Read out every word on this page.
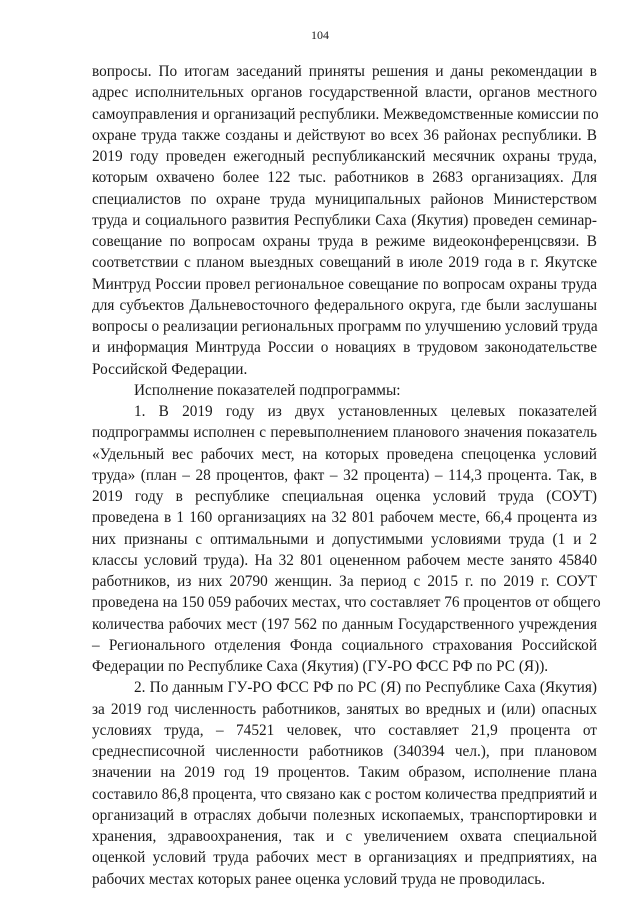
104
вопросы. По итогам заседаний приняты решения и даны рекомендации в
адрес исполнительных органов государственной власти, органов местного
самоуправления и организаций республики. Межведомственные комиссии по
охране труда также созданы и действуют во всех 36 районах республики. В
2019 году проведен ежегодный республиканский месячник охраны труда,
которым охвачено более 122 тыс. работников в 2683 организациях. Для
специалистов по охране труда муниципальных районов Министерством
труда и социального развития Республики Саха (Якутия) проведен семинар-
совещание по вопросам охраны труда в режиме видеоконференцсвязи. В
соответствии с планом выездных совещаний в июле 2019 года в г. Якутске
Минтруд России провел региональное совещание по вопросам охраны труда
для субъектов Дальневосточного федерального округа, где были заслушаны
вопросы о реализации региональных программ по улучшению условий труда
и информация Минтруда России о новациях в трудовом законодательстве
Российской Федерации.
Исполнение показателей подпрограммы:
1. В 2019 году из двух установленных целевых показателей
подпрограммы исполнен с перевыполнением планового значения показатель
«Удельный вес рабочих мест, на которых проведена спецоценка условий
труда» (план – 28 процентов, факт – 32 процента) – 114,3 процента. Так, в
2019 году в республике специальная оценка условий труда (СОУТ)
проведена в 1 160 организациях на 32 801 рабочем месте, 66,4 процента из
них признаны с оптимальными и допустимыми условиями труда (1 и 2
классы условий труда). На 32 801 оцененном рабочем месте занято 45840
работников, из них 20790 женщин. За период с 2015 г. по 2019 г. СОУТ
проведена на 150 059 рабочих местах, что составляет 76 процентов от общего
количества рабочих мест (197 562 по данным Государственного учреждения
– Регионального отделения Фонда социального страхования Российской
Федерации по Республике Саха (Якутия) (ГУ-РО ФСС РФ по РС (Я)).
2. По данным ГУ-РО ФСС РФ по РС (Я) по Республике Саха (Якутия)
за 2019 год численность работников, занятых во вредных и (или) опасных
условиях труда, – 74521 человек, что составляет 21,9 процента от
среднесписочной численности работников (340394 чел.), при плановом
значении на 2019 год 19 процентов. Таким образом, исполнение плана
составило 86,8 процента, что связано как с ростом количества предприятий и
организаций в отраслях добычи полезных ископаемых, транспортировки и
хранения, здравоохранения, так и с увеличением охвата специальной
оценкой условий труда рабочих мест в организациях и предприятиях, на
рабочих местах которых ранее оценка условий труда не проводилась.
